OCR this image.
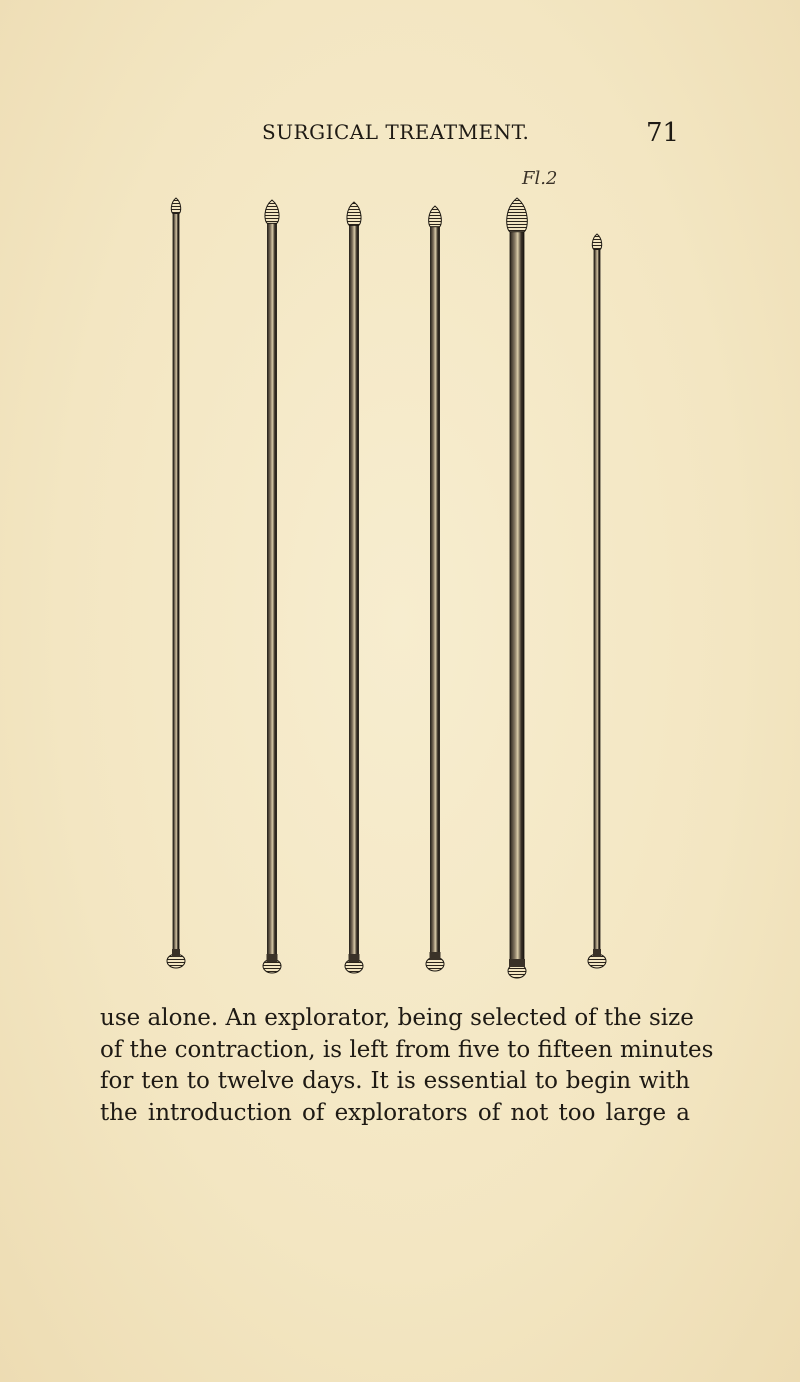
SURGICAL TREATMENT.	71
Fl.2
use alone. An explorator, being selected of the size
of the contraction, is left from five to fifteen minutes
for ten to twelve days. It is essential to begin with
the introduction of explorators of not too large a
